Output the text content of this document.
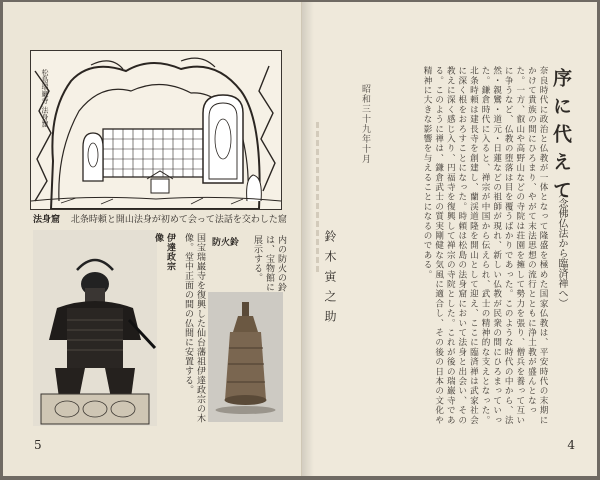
松島瑞巌寺 法身窟
法身窟 北条時頼と開山法身が初めて会って法話を交わした窟
伊達政宗像	国宝瑞巌寺を復興した仙台藩祖伊達政宗の木像。堂中正面の間の仏間に安置する。	防火鈴	内の防火の鈴は、宝物館に展示する。
5
序に代えて
（念佛仏法から臨済禅へ）
奈良時代に政治と仏教が一体となって隆盛を極めた国家仏教は、平安時代の末期にかけて貴族の間にひろまり、やがて末法思想の流行とともに浄土教が盛んとなった。一方、叡山や高野山などの寺院は荘園を擁して勢力を張り、僧兵を養って互いに争うなど、仏教の堕落は目を覆うばかりであった。このような時代の中から、法然・親鸞・道元・日蓮などの祖師が現れ、新しい仏教が民衆の間にひろまっていった。鎌倉時代に入ると、禅宗が中国から伝えられ、武士の精神的な支えとなった。北条時頼は建長寺を創建し、蘭渓道隆を開山として迎え、ここに臨済禅は武家社会に深く根をおろすことになった。時頼は松島の法身窟において法身と出会い、その教えに深く感じ入り、円福寺を復興して禅宗の寺院とした。これが後の瑞巌寺である。このように禅は、鎌倉武士の質実剛健な気風に適合し、その後の日本の文化や精神に大きな影響を与えることになるのである。
昭和三十九年十月
鈴木寅之助
4
